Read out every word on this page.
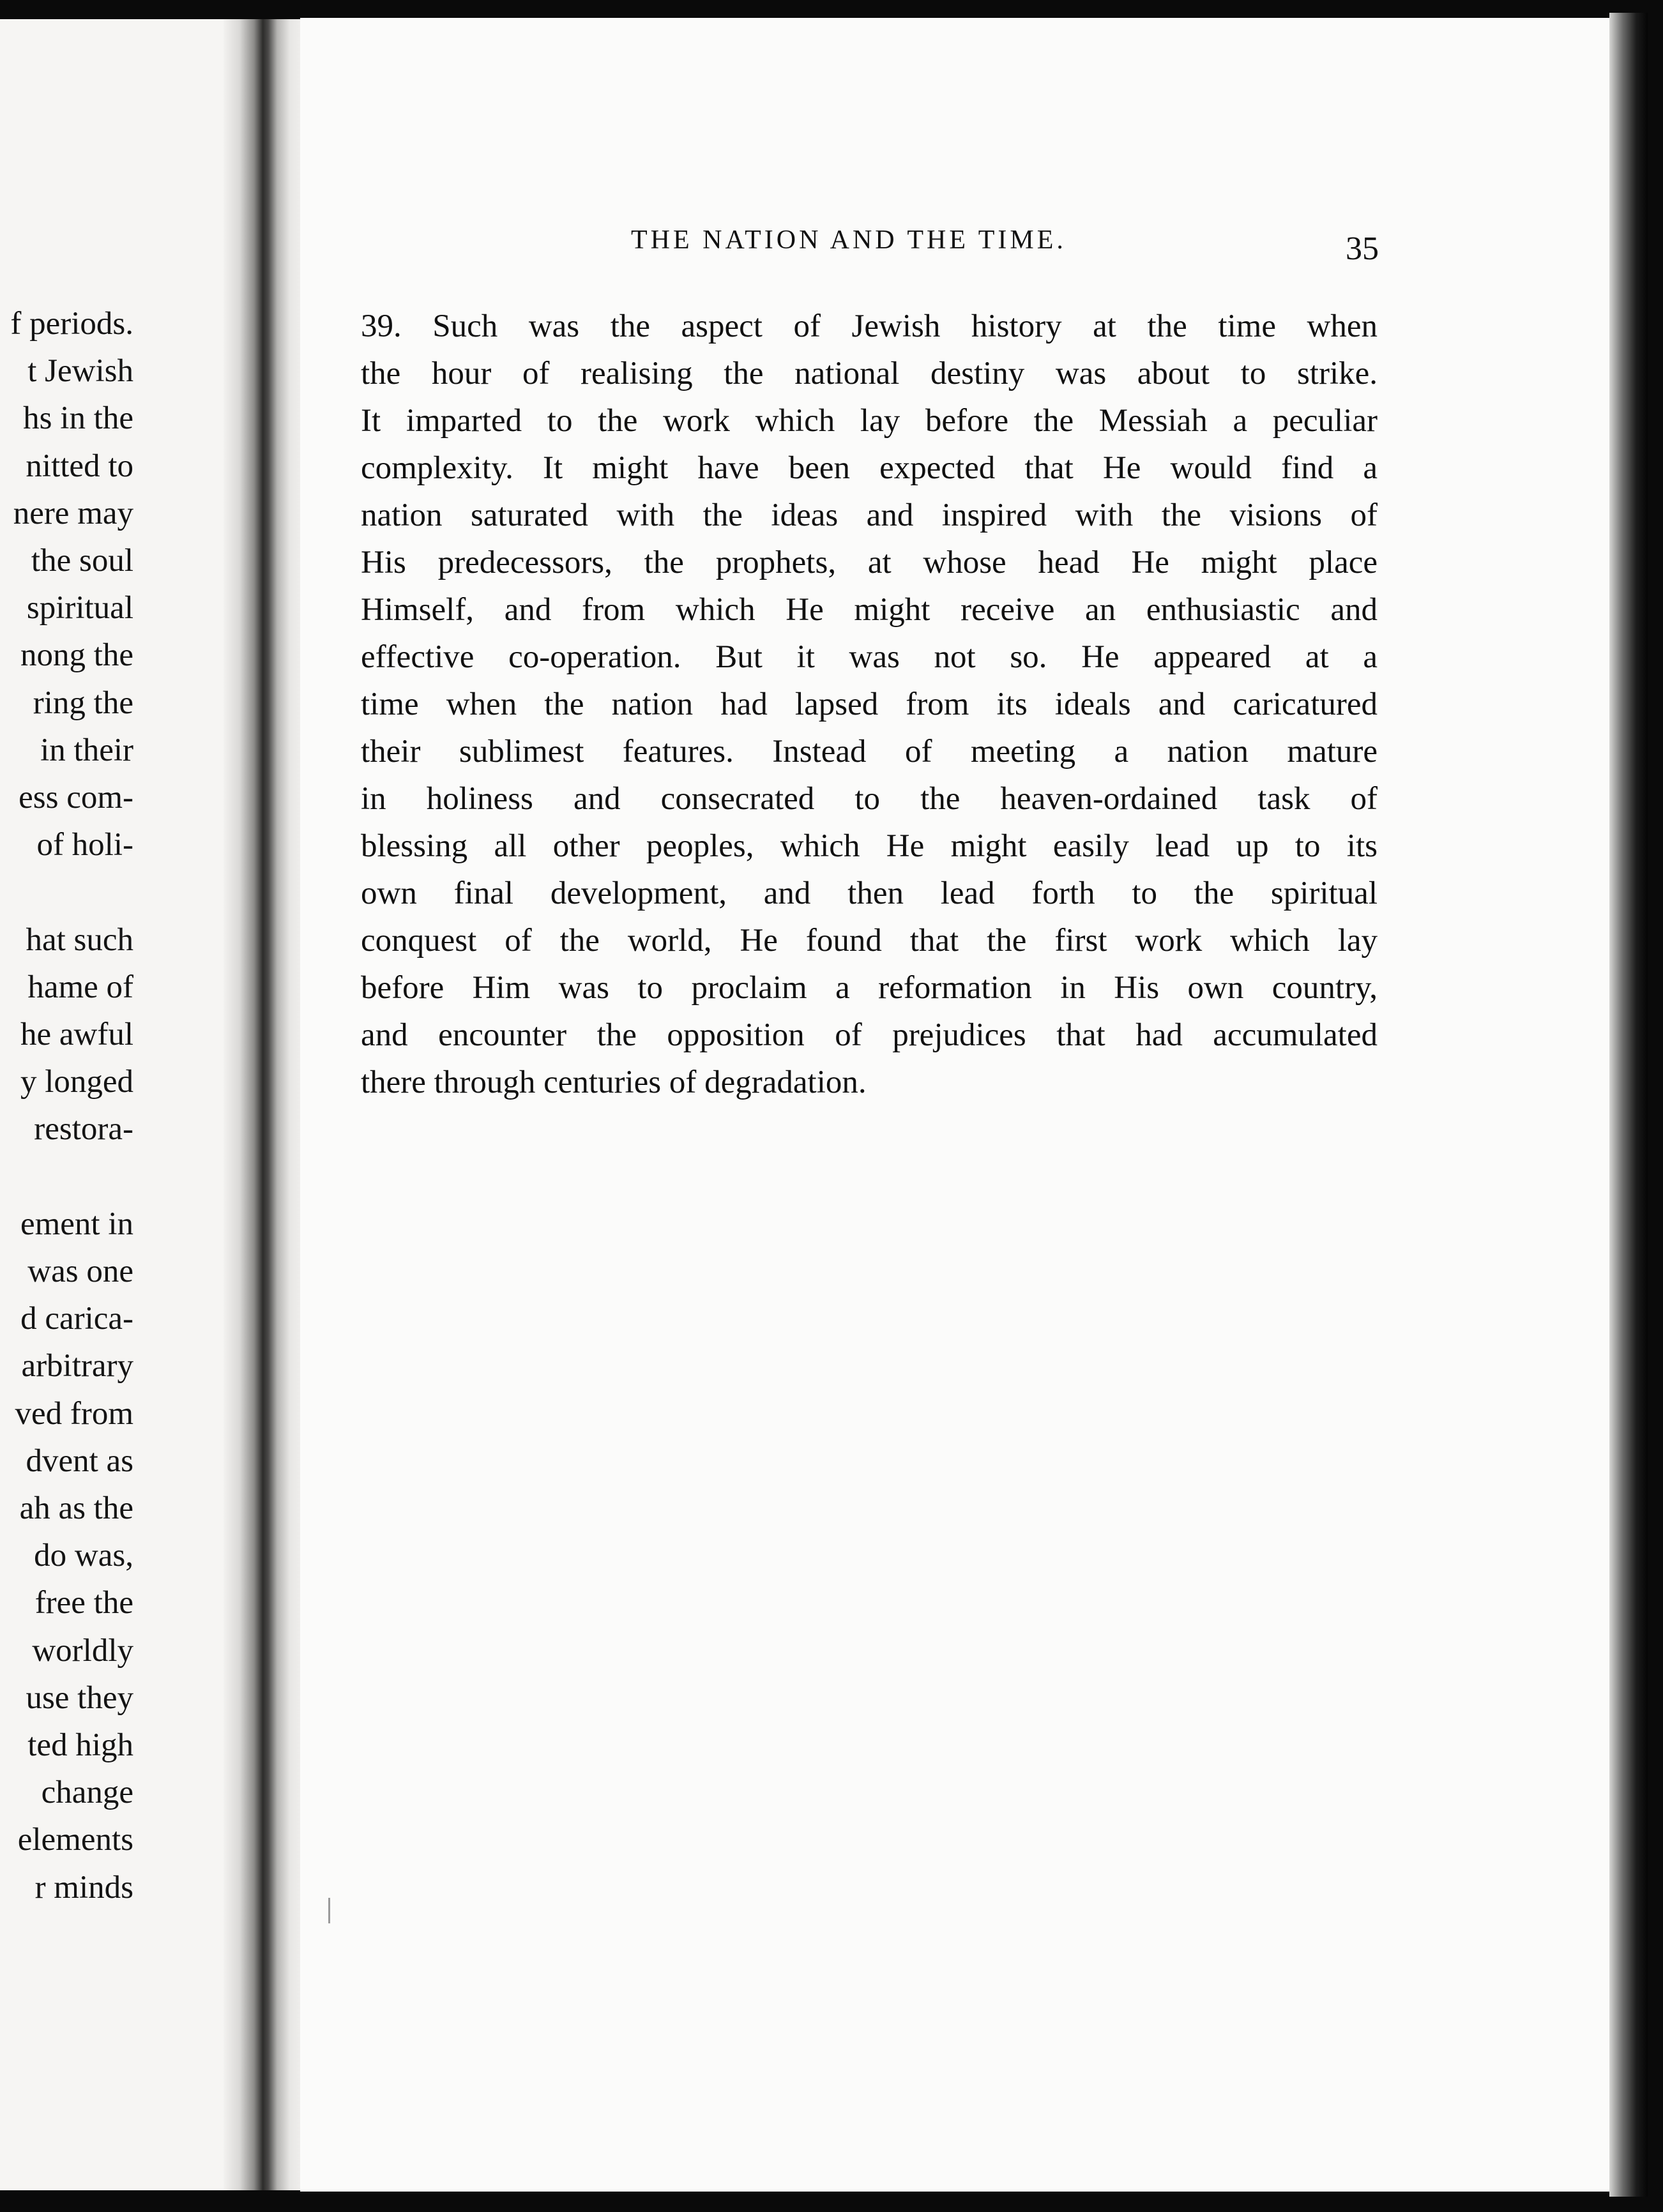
f periods.
t Jewish
hs in the
nitted to
nere may
the soul
spiritual
nong the
ring the
in their
ess com-
of holi-
hat such
hame of
he awful
y longed
restora-
ement in
was one
d carica-
arbitrary
ved from
dvent as
ah as the
do was,
free the
worldly
use they
ted high
change
elements
r minds
THE NATION AND THE TIME.	35
39. Such was the aspect of Jewish history at the time when
the hour of realising the national destiny was about to strike.
It imparted to the work which lay before the Messiah a peculiar
complexity. It might have been expected that He would find a
nation saturated with the ideas and inspired with the visions of
His predecessors, the prophets, at whose head He might place
Himself, and from which He might receive an enthusiastic and
effective co-operation. But it was not so. He appeared at a
time when the nation had lapsed from its ideals and caricatured
their sublimest features. Instead of meeting a nation mature
in holiness and consecrated to the heaven-ordained task of
blessing all other peoples, which He might easily lead up to its
own final development, and then lead forth to the spiritual
conquest of the world, He found that the first work which lay
before Him was to proclaim a reformation in His own country,
and encounter the opposition of prejudices that had accumulated
there through centuries of degradation.
